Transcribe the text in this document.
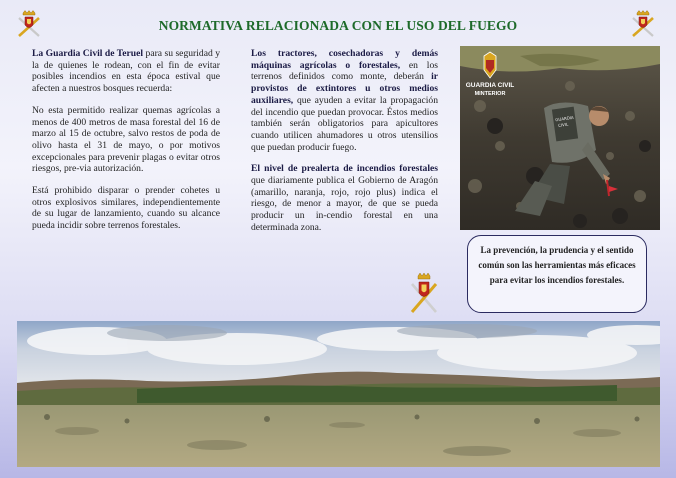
NORMATIVA RELACIONADA CON EL USO DEL FUEGO

La Guardia Civil de Teruel para su seguridad y la de quienes le rodean, con el fin de evitar posibles incendios en esta época estival que afecten a nuestros bosques recuerda:

No esta permitido realizar quemas agrícolas a menos de 400 metros de masa forestal del 16 de marzo al 15 de octubre, salvo restos de poda de olivo hasta el 31 de mayo, o por motivos excepcionales para prevenir plagas o evitar otros riesgos, pre-via autorización.

Está prohibido disparar o prender cohetes u otros explosivos similares, independientemente de su lugar de lanzamiento, cuando su alcance pueda incidir sobre terrenos forestales.

Los tractores, cosechadoras y demás máquinas agrícolas o forestales, en los terrenos definidos como monte, deberán ir provistos de extintores u otros medios auxiliares, que ayuden a evitar la propagación del incendio que puedan provocar. Éstos medios también serán obligatorios para apicultores cuando utilicen ahumadores u otros utensilios que puedan producir fuego.

El nivel de prealerta de incendios forestales que diariamente publica el Gobierno de Aragón (amarillo, naranja, rojo, rojo plus) indica el riesgo, de menor a mayor, de que se pueda producir un in-cendio forestal en una determinada zona.

GUARDIA
CIVIL
GUARDIA CIVIL
MINTERIOR
La prevención, la prudencia y el sentido común son las herramientas más eficaces para evitar los incendios forestales.
